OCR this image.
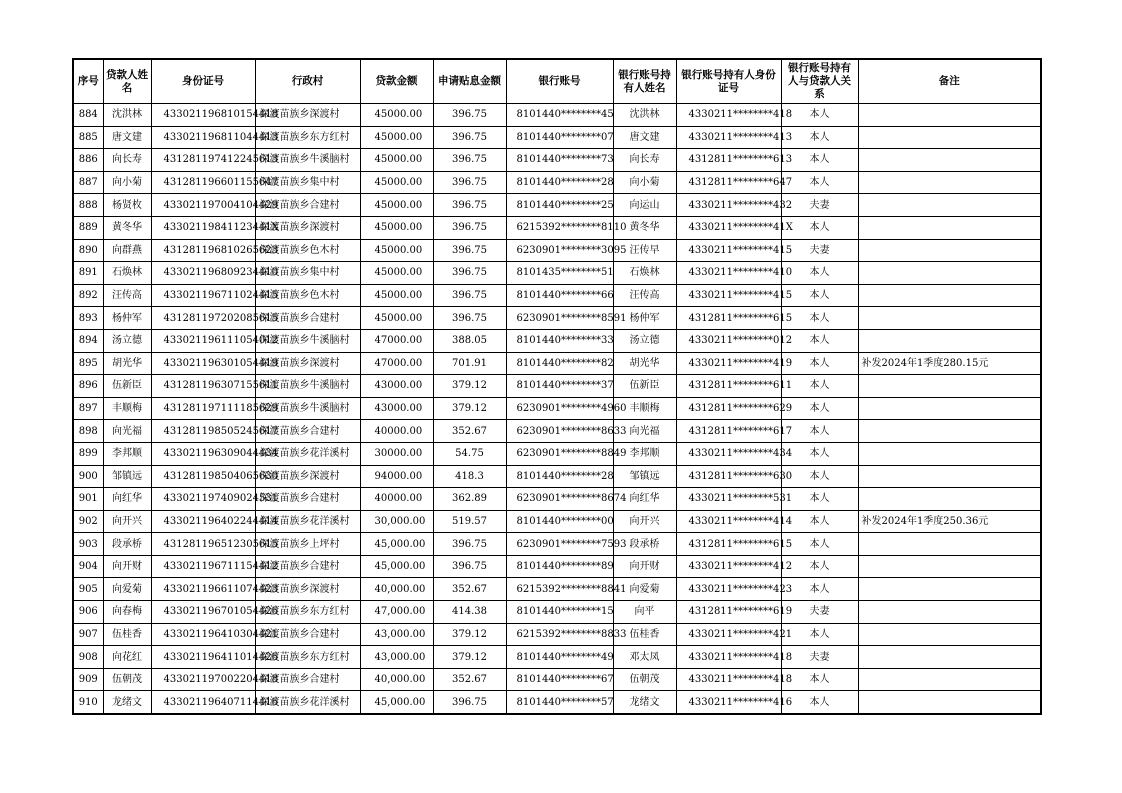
序号	贷款人姓名	身份证号	行政村	贷款金额	申请贴息金额	银行账号	银行账号持有人姓名	银行账号持有人身份证号	银行账号持有人与贷款人关系	备注
884	沈洪林	433021196810154418	深渡苗族乡深渡村	45000.00	396.75	8101440********45	沈洪林	4330211********418	本人	
885	唐文建	433021196811044413	深渡苗族乡东方红村	45000.00	396.75	8101440********07	唐文建	4330211********413	本人	
886	向长寿	431281197412245613	深渡苗族乡牛溪脑村	45000.00	396.75	8101440********73	向长寿	4312811********613	本人	
887	向小菊	431281196601155647	深渡苗族乡集中村	45000.00	396.75	8101440********28	向小菊	4312811********647	本人	
888	杨贤枚	433021197004104429	深渡苗族乡合建村	45000.00	396.75	8101440********25	向运山	4330211********432	夫妻	
889	黄冬华	43302119841123441X	深渡苗族乡深渡村	45000.00	396.75	6215392********8110	黄冬华	4330211********41X	本人	
890	向群燕	431281196810265623	深渡苗族乡色木村	45000.00	396.75	6230901********3095	汪传早	4330211********415	夫妻	
891	石焕林	433021196809234410	深渡苗族乡集中村	45000.00	396.75	8101435********51	石焕林	4330211********410	本人	
892	汪传高	433021196711024415	深渡苗族乡色木村	45000.00	396.75	8101440********66	汪传高	4330211********415	本人	
893	杨仲军	431281197202085615	深渡苗族乡合建村	45000.00	396.75	6230901********8591	杨仲军	4312811********615	本人	
894	汤立德	433021196111054012	深渡苗族乡牛溪脑村	47000.00	388.05	8101440********33	汤立德	4330211********012	本人	
895	胡光华	433021196301054419	深渡苗族乡深渡村	47000.00	701.91	8101440********82	胡光华	4330211********419	本人	补发2024年1季度280.15元
896	伍新臣	431281196307155611	深渡苗族乡牛溪脑村	43000.00	379.12	8101440********37	伍新臣	4312811********611	本人	
897	丰顺梅	431281197111185629	深渡苗族乡牛溪脑村	43000.00	379.12	6230901********4960	丰顺梅	4312811********629	本人	
898	向光福	431281198505245617	深渡苗族乡合建村	40000.00	352.67	6230901********8633	向光福	4312811********617	本人	
899	李邦顺	433021196309044434	深渡苗族乡花洋溪村	30000.00	54.75	6230901********8849	李邦顺	4330211********434	本人	
900	邹镇远	431281198504065630	深渡苗族乡深渡村	94000.00	418.3	8101440********28	邹镇远	4312811********630	本人	
901	向红华	433021197409024531	深渡苗族乡合建村	40000.00	362.89	6230901********8674	向红华	4330211********531	本人	
902	向开兴	433021196402244414	深渡苗族乡花洋溪村	30,000.00	519.57	8101440********00	向开兴	4330211********414	本人	补发2024年1季度250.36元
903	段承桥	431281196512305615	深渡苗族乡上坪村	45,000.00	396.75	6230901********7593	段承桥	4312811********615	本人	
904	向开财	433021196711154412	深渡苗族乡合建村	45,000.00	396.75	8101440********89	向开财	4330211********412	本人	
905	向爱菊	433021196611074423	深渡苗族乡深渡村	40,000.00	352.67	6215392********8841	向爱菊	4330211********423	本人	
906	向春梅	433021196701054426	深渡苗族乡东方红村	47,000.00	414.38	8101440********15	向平	4312811********619	夫妻	
907	伍桂香	433021196410304421	深渡苗族乡合建村	43,000.00	379.12	6215392********8833	伍桂香	4330211********421	本人	
908	向花红	433021196411014426	深渡苗族乡东方红村	43,000.00	379.12	8101440********49	邓太凤	4330211********418	夫妻	
909	伍朝茂	433021197002204418	深渡苗族乡合建村	40,000.00	352.67	8101440********67	伍朝茂	4330211********418	本人	
910	龙绪文	433021196407114416	深渡苗族乡花洋溪村	45,000.00	396.75	8101440********57	龙绪文	4330211********416	本人	
